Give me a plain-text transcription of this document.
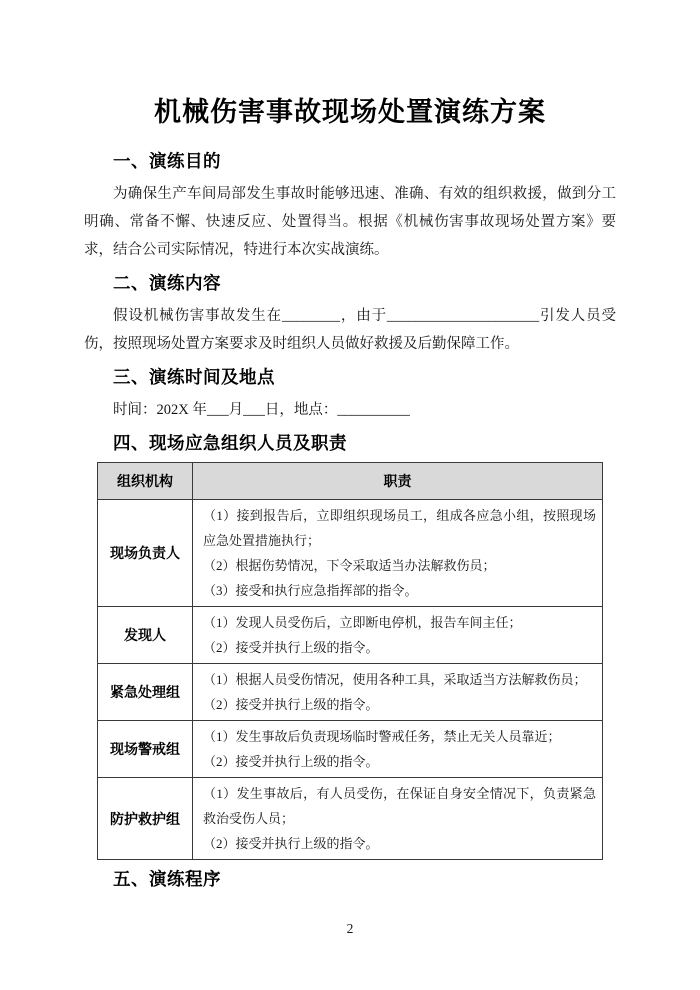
机械伤害事故现场处置演练方案
一、演练目的

为确保生产车间局部发生事故时能够迅速、准确、有效的组织救援，做到分工明确、常备不懈、快速反应、处置得当。根据《机械伤害事故现场处置方案》要求，结合公司实际情况，特进行本次实战演练。

二、演练内容

假设机械伤害事故发生在________，由于_____________________引发人员受伤，按照现场处置方案要求及时组织人员做好救援及后勤保障工作。

三、演练时间及地点

时间：202X 年___月___日，地点：__________

四、现场应急组织人员及职责
组织机构	职责
现场负责人	（1）接到报告后，立即组织现场员工，组成各应急小组，按照现场应急处置措施执行；
（2）根据伤势情况，下令采取适当办法解救伤员；
（3）接受和执行应急指挥部的指令。

发现人	（1）发现人员受伤后，立即断电停机，报告车间主任；
（2）接受并执行上级的指令。

紧急处理组	（1）根据人员受伤情况，使用各种工具，采取适当方法解救伤员；
（2）接受并执行上级的指令。

现场警戒组	（1）发生事故后负责现场临时警戒任务，禁止无关人员靠近；
（2）接受并执行上级的指令。

防护救护组	（1）发生事故后，有人员受伤，在保证自身安全情况下，负责紧急救治受伤人员；
（2）接受并执行上级的指令。
五、演练程序
2
